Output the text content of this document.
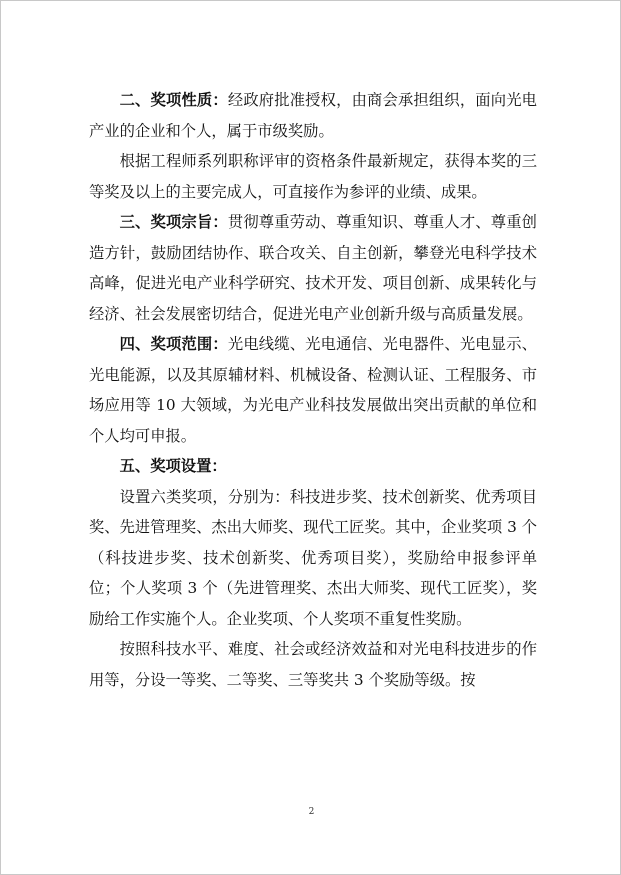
二、奖项性质：经政府批准授权，由商会承担组织，面向光电产业的企业和个人，属于市级奖励。

根据工程师系列职称评审的资格条件最新规定，获得本奖的三等奖及以上的主要完成人，可直接作为参评的业绩、成果。

三、奖项宗旨：贯彻尊重劳动、尊重知识、尊重人才、尊重创造方针，鼓励团结协作、联合攻关、自主创新，攀登光电科学技术高峰，促进光电产业科学研究、技术开发、项目创新、成果转化与经济、社会发展密切结合，促进光电产业创新升级与高质量发展。

四、奖项范围：光电线缆、光电通信、光电器件、光电显示、光电能源，以及其原辅材料、机械设备、检测认证、工程服务、市场应用等 10 大领域，为光电产业科技发展做出突出贡献的单位和个人均可申报。

五、奖项设置：

设置六类奖项，分别为：科技进步奖、技术创新奖、优秀项目奖、先进管理奖、杰出大师奖、现代工匠奖。其中，企业奖项 3 个（科技进步奖、技术创新奖、优秀项目奖），奖励给申报参评单位；个人奖项 3 个（先进管理奖、杰出大师奖、现代工匠奖），奖励给工作实施个人。企业奖项、个人奖项不重复性奖励。

按照科技水平、难度、社会或经济效益和对光电科技进步的作用等，分设一等奖、二等奖、三等奖共 3 个奖励等级。按

2
